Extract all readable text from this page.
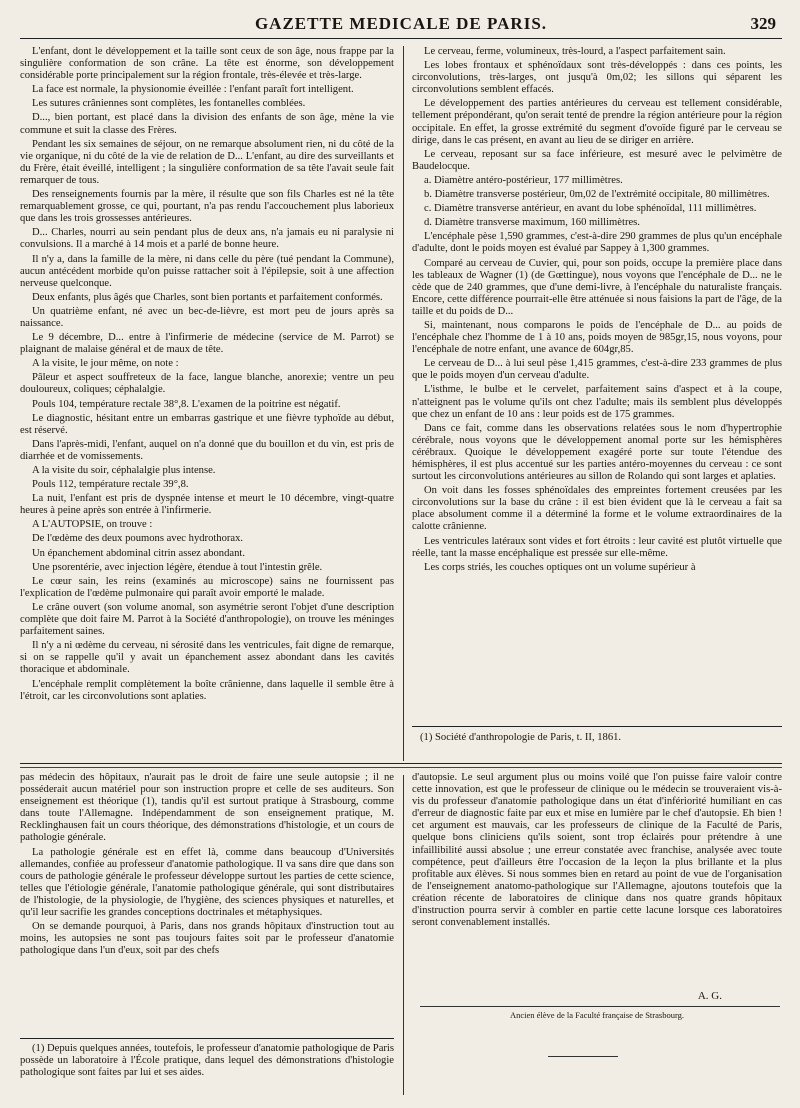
GAZETTE MEDICALE DE PARIS.	329

L'enfant, dont le développement et la taille sont ceux de son âge, nous frappe par la singulière conformation de son crâne. La tête est énorme, son développement considérable porte principalement sur la région frontale, très-élevée et très-large.

La face est normale, la physionomie éveillée : l'enfant paraît fort intelligent.

Les sutures crâniennes sont complètes, les fontanelles comblées.

D..., bien portant, est placé dans la division des enfants de son âge, mène la vie commune et suit la classe des Frères.

Pendant les six semaines de séjour, on ne remarque absolument rien, ni du côté de la vie organique, ni du côté de la vie de relation de D... L'enfant, au dire des surveillants et du Frère, était éveillé, intelligent ; la singulière conformation de sa tête l'avait seule fait remarquer de tous.

Des renseignements fournis par la mère, il résulte que son fils Charles est né la tête remarquablement grosse, ce qui, pourtant, n'a pas rendu l'accouchement plus laborieux que dans les trois grossesses antérieures.

D... Charles, nourri au sein pendant plus de deux ans, n'a jamais eu ni paralysie ni convulsions. Il a marché à 14 mois et a parlé de bonne heure.

Il n'y a, dans la famille de la mère, ni dans celle du père (tué pendant la Commune), aucun antécédent morbide qu'on puisse rattacher soit à l'épilepsie, soit à une affection nerveuse quelconque.

Deux enfants, plus âgés que Charles, sont bien portants et parfaitement conformés.

Un quatrième enfant, né avec un bec-de-lièvre, est mort peu de jours après sa naissance.

Le 9 décembre, D... entre à l'infirmerie de médecine (service de M. Parrot) se plaignant de malaise général et de maux de tête.

A la visite, le jour même, on note :

Pâleur et aspect souffreteux de la face, langue blanche, anorexie; ventre un peu douloureux, coliques; céphalalgie.

Pouls 104, température rectale 38°,8. L'examen de la poitrine est négatif.

Le diagnostic, hésitant entre un embarras gastrique et une fièvre typhoïde au début, est réservé.

Dans l'après-midi, l'enfant, auquel on n'a donné que du bouillon et du vin, est pris de diarrhée et de vomissements.

A la visite du soir, céphalalgie plus intense.

Pouls 112, température rectale 39°,8.

La nuit, l'enfant est pris de dyspnée intense et meurt le 10 décembre, vingt-quatre heures à peine après son entrée à l'infirmerie.

A L'AUTOPSIE, on trouve :

De l'œdème des deux poumons avec hydrothorax.

Un épanchement abdominal citrin assez abondant.

Une psorentérie, avec injection légère, étendue à tout l'intestin grêle.

Le cœur sain, les reins (examinés au microscope) sains ne fournissent pas l'explication de l'œdème pulmonaire qui paraît avoir emporté le malade.

Le crâne ouvert (son volume anomal, son asymétrie seront l'objet d'une description complète que doit faire M. Parrot à la Société d'anthropologie), on trouve les méninges parfaitement saines.

Il n'y a ni œdème du cerveau, ni sérosité dans les ventricules, fait digne de remarque, si on se rappelle qu'il y avait un épanchement assez abondant dans les cavités thoracique et abdominale.

L'encéphale remplit complètement la boîte crânienne, dans laquelle il semble être à l'étroit, car les circonvolutions sont aplaties.

Le cerveau, ferme, volumineux, très-lourd, a l'aspect parfaitement sain.

Les lobes frontaux et sphénoïdaux sont très-développés : dans ces points, les circonvolutions, très-larges, ont jusqu'à 0m,02; les sillons qui séparent les circonvolutions semblent effacés.

Le développement des parties antérieures du cerveau est tellement considérable, tellement prépondérant, qu'on serait tenté de prendre la région antérieure pour la région occipitale. En effet, la grosse extrémité du segment d'ovoïde figuré par le cerveau se dirige, dans le cas présent, en avant au lieu de se diriger en arrière.

Le cerveau, reposant sur sa face inférieure, est mesuré avec le pelvimètre de Baudelocque.

a. Diamètre antéro-postérieur, 177 millimètres.

b. Diamètre transverse postérieur, 0m,02 de l'extrémité occipitale, 80 millimètres.

c. Diamètre transverse antérieur, en avant du lobe sphénoïdal, 111 millimètres.

d. Diamètre transverse maximum, 160 millimètres.

L'encéphale pèse 1,590 grammes, c'est-à-dire 290 grammes de plus qu'un encéphale d'adulte, dont le poids moyen est évalué par Sappey à 1,300 grammes.

Comparé au cerveau de Cuvier, qui, pour son poids, occupe la première place dans les tableaux de Wagner (1) (de Gœttingue), nous voyons que l'encéphale de D... ne le cède que de 240 grammes, que d'une demi-livre, à l'encéphale du naturaliste français. Encore, cette différence pourrait-elle être atténuée si nous faisions la part de l'âge, de la taille et du poids de D...

Si, maintenant, nous comparons le poids de l'encéphale de D... au poids de l'encéphale chez l'homme de 1 à 10 ans, poids moyen de 985gr,15, nous voyons, pour l'encéphale de notre enfant, une avance de 604gr,85.

Le cerveau de D... à lui seul pèse 1,415 grammes, c'est-à-dire 233 grammes de plus que le poids moyen d'un cerveau d'adulte.

L'isthme, le bulbe et le cervelet, parfaitement sains d'aspect et à la coupe, n'atteignent pas le volume qu'ils ont chez l'adulte; mais ils semblent plus développés que chez un enfant de 10 ans : leur poids est de 175 grammes.

Dans ce fait, comme dans les observations relatées sous le nom d'hypertrophie cérébrale, nous voyons que le développement anomal porte sur les hémisphères cérébraux. Quoique le développement exagéré porte sur toute l'étendue des hémisphères, il est plus accentué sur les parties antéro-moyennes du cerveau : ce sont surtout les circonvolutions antérieures au sillon de Rolando qui sont larges et aplaties.

On voit dans les fosses sphénoïdales des empreintes fortement creusées par les circonvolutions sur la base du crâne : il est bien évident que là le cerveau a fait sa place absolument comme il a déterminé la forme et le volume extraordinaires de la calotte crânienne.

Les ventricules latéraux sont vides et fort étroits : leur cavité est plutôt virtuelle que réelle, tant la masse encéphalique est pressée sur elle-même.

Les corps striés, les couches optiques ont un volume supérieur à

(1) Société d'anthropologie de Paris, t. II, 1861.

pas médecin des hôpitaux, n'aurait pas le droit de faire une seule autopsie ; il ne posséderait aucun matériel pour son instruction propre et celle de ses auditeurs. Son enseignement est théorique (1), tandis qu'il est surtout pratique à Strasbourg, comme dans toute l'Allemagne. Indépendamment de son enseignement pratique, M. Recklinghausen fait un cours théorique, des démonstrations d'histologie, et un cours de pathologie générale.

La pathologie générale est en effet là, comme dans beaucoup d'Universités allemandes, confiée au professeur d'anatomie pathologique. Il va sans dire que dans son cours de pathologie générale le professeur développe surtout les parties de cette science, telles que l'étiologie générale, l'anatomie pathologique générale, qui sont distributaires de l'histologie, de la physiologie, de l'hygiène, des sciences physiques et naturelles, et qu'il leur sacrifie les grandes conceptions doctrinales et métaphysiques.

On se demande pourquoi, à Paris, dans nos grands hôpitaux d'instruction tout au moins, les autopsies ne sont pas toujours faites soit par le professeur d'anatomie pathologique dans l'un d'eux, soit par des chefs

(1) Depuis quelques années, toutefois, le professeur d'anatomie pathologique de Paris possède un laboratoire à l'École pratique, dans lequel des démonstrations d'histologie pathologique sont faites par lui et ses aides.

d'autopsie. Le seul argument plus ou moins voilé que l'on puisse faire valoir contre cette innovation, est que le professeur de clinique ou le médecin se trouveraient vis-à-vis du professeur d'anatomie pathologique dans un état d'infériorité humiliant en cas d'erreur de diagnostic faite par eux et mise en lumière par le chef d'autopsie. Eh bien ! cet argument est mauvais, car les professeurs de clinique de la Faculté de Paris, quelque bons cliniciens qu'ils soient, sont trop éclairés pour prétendre à une infaillibilité aussi absolue ; une erreur constatée avec franchise, analysée avec toute compétence, peut d'ailleurs être l'occasion de la leçon la plus brillante et la plus profitable aux élèves. Si nous sommes bien en retard au point de vue de l'organisation de l'enseignement anatomo-pathologique sur l'Allemagne, ajoutons toutefois que la création récente de laboratoires de clinique dans nos quatre grands hôpitaux d'instruction pourra servir à combler en partie cette lacune lorsque ces laboratoires seront convenablement installés.

A. G.
Ancien élève de la Faculté française de Strasbourg.
